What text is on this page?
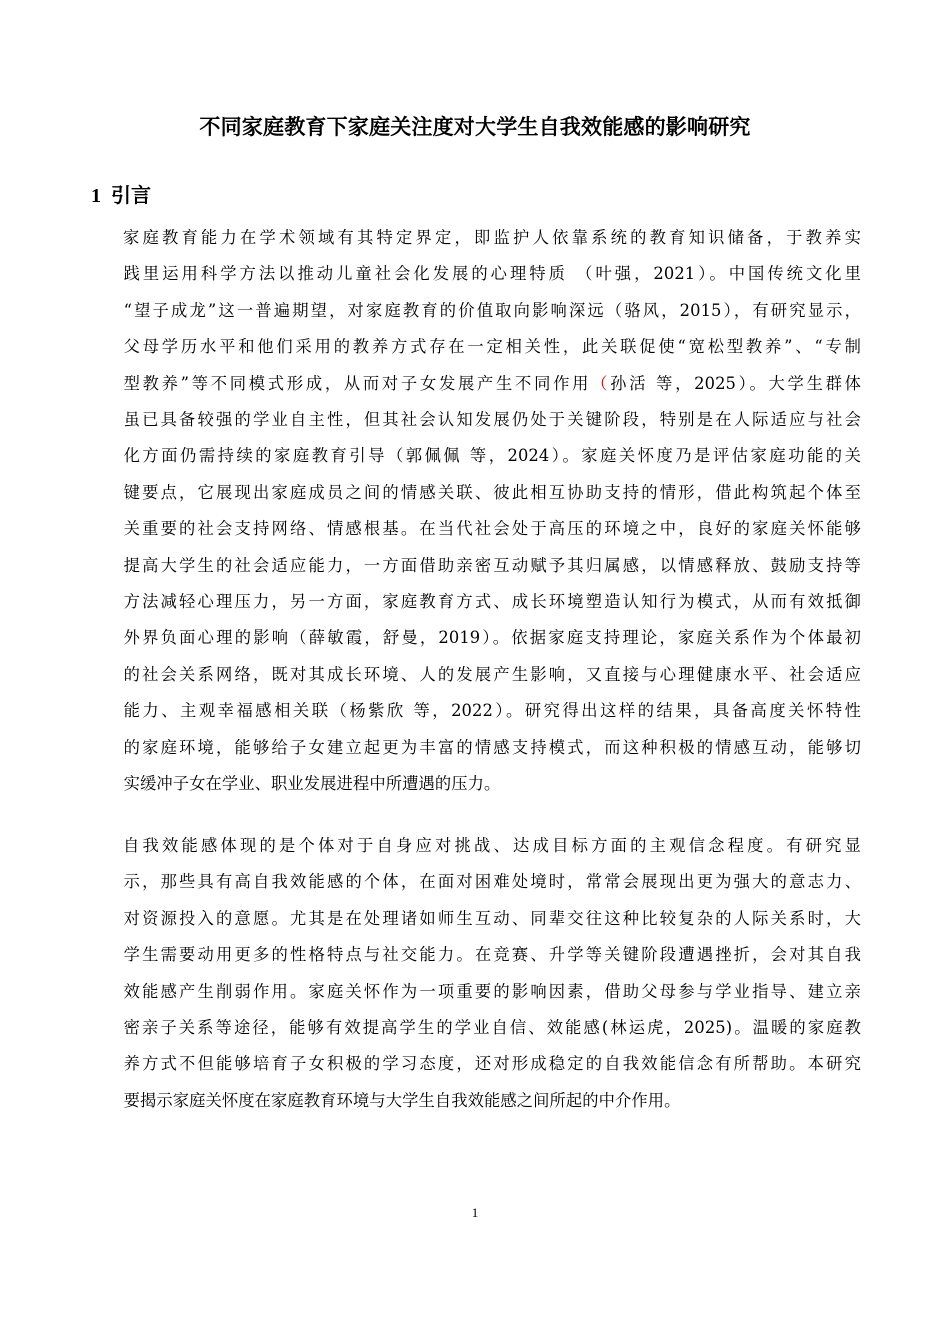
不同家庭教育下家庭关注度对大学生自我效能感的影响研究
1 引言
家庭教育能力在学术领域有其特定界定，即监护人依靠系统的教育知识储备，于教养实
践里运用科学方法以推动儿童社会化发展的心理特质 （叶强，2021）。中国传统文化里
“望子成龙”这一普遍期望，对家庭教育的价值取向影响深远（骆风，2015），有研究显示，
父母学历水平和他们采用的教养方式存在一定相关性，此关联促使“宽松型教养”、“专制
型教养”等不同模式形成，从而对子女发展产生不同作用（孙活 等，2025）。大学生群体
虽已具备较强的学业自主性，但其社会认知发展仍处于关键阶段，特别是在人际适应与社会
化方面仍需持续的家庭教育引导（郭佩佩 等，2024）。家庭关怀度乃是评估家庭功能的关
键要点，它展现出家庭成员之间的情感关联、彼此相互协助支持的情形，借此构筑起个体至
关重要的社会支持网络、情感根基。在当代社会处于高压的环境之中，良好的家庭关怀能够
提高大学生的社会适应能力，一方面借助亲密互动赋予其归属感，以情感释放、鼓励支持等
方法减轻心理压力，另一方面，家庭教育方式、成长环境塑造认知行为模式，从而有效抵御
外界负面心理的影响（薛敏霞，舒曼，2019）。依据家庭支持理论，家庭关系作为个体最初
的社会关系网络，既对其成长环境、人的发展产生影响，又直接与心理健康水平、社会适应
能力、主观幸福感相关联（杨紫欣 等，2022）。研究得出这样的结果，具备高度关怀特性
的家庭环境，能够给子女建立起更为丰富的情感支持模式，而这种积极的情感互动，能够切
实缓冲子女在学业、职业发展进程中所遭遇的压力。
自我效能感体现的是个体对于自身应对挑战、达成目标方面的主观信念程度。有研究显
示，那些具有高自我效能感的个体，在面对困难处境时，常常会展现出更为强大的意志力、
对资源投入的意愿。尤其是在处理诸如师生互动、同辈交往这种比较复杂的人际关系时，大
学生需要动用更多的性格特点与社交能力。在竞赛、升学等关键阶段遭遇挫折，会对其自我
效能感产生削弱作用。家庭关怀作为一项重要的影响因素，借助父母参与学业指导、建立亲
密亲子关系等途径，能够有效提高学生的学业自信、效能感(林运虎，2025)。温暖的家庭教
养方式不但能够培育子女积极的学习态度，还对形成稳定的自我效能信念有所帮助。本研究
要揭示家庭关怀度在家庭教育环境与大学生自我效能感之间所起的中介作用。
1
